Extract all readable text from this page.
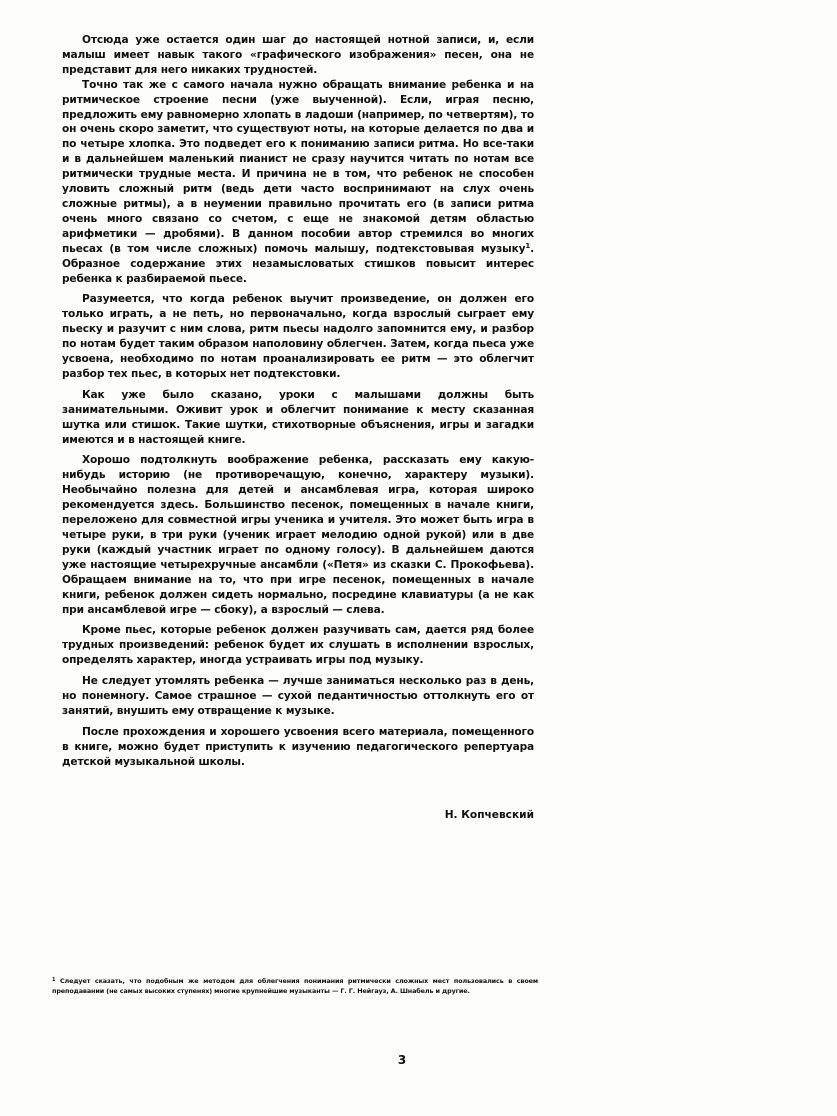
Отсюда уже остается один шаг до настоящей нотной записи, и, если малыш имеет навык такого «графического изображения» песен, она не представит для него никаких трудностей.

Точно так же с самого начала нужно обращать внимание ребенка и на ритмическое строение песни (уже выученной). Если, играя песню, предложить ему равномерно хлопать в ладоши (например, по четвертям), то он очень скоро заметит, что существуют ноты, на которые делается по два и по четыре хлопка. Это подведет его к пониманию записи ритма. Но все-таки и в дальнейшем маленький пианист не сразу научится читать по нотам все ритмически трудные места. И причина не в том, что ребенок не способен уловить сложный ритм (ведь дети часто воспринимают на слух очень сложные ритмы), а в неумении правильно прочитать его (в записи ритма очень много связано со счетом, с еще не знакомой детям областью арифметики — дробями). В данном пособии автор стремился во многих пьесах (в том числе сложных) помочь малышу, подтекстовывая музыку$^1$. Образное содержание этих незамысловатых стишков повысит интерес ребенка к разбираемой пьесе.

Разумеется, что когда ребенок выучит произведение, он должен его только играть, а не петь, но первоначально, когда взрослый сыграет ему пьеску и разучит с ним слова, ритм пьесы надолго запомнится ему, и разбор по нотам будет таким образом наполовину облегчен. Затем, когда пьеса уже усвоена, необходимо по нотам проанализировать ее ритм — это облегчит разбор тех пьес, в которых нет подтекстовки.

Как уже было сказано, уроки с малышами должны быть занимательными. Оживит урок и облегчит понимание к месту сказанная шутка или стишок. Такие шутки, стихотворные объяснения, игры и загадки имеются и в настоящей книге.

Хорошо подтолкнуть воображение ребенка, рассказать ему какую-нибудь историю (не противоречащую, конечно, характеру музыки). Необычайно полезна для детей и ансамблевая игра, которая широко рекомендуется здесь. Большинство песенок, помещенных в начале книги, переложено для совместной игры ученика и учителя. Это может быть игра в четыре руки, в три руки (ученик играет мелодию одной рукой) или в две руки (каждый участник играет по одному голосу). В дальнейшем даются уже настоящие четырехручные ансамбли («Петя» из сказки С. Прокофьева). Обращаем внимание на то, что при игре песенок, помещенных в начале книги, ребенок должен сидеть нормально, посредине клавиатуры (а не как при ансамблевой игре — сбоку), а взрослый — слева.

Кроме пьес, которые ребенок должен разучивать сам, дается ряд более трудных произведений: ребенок будет их слушать в исполнении взрослых, определять характер, иногда устраивать игры под музыку.

Не следует утомлять ребенка — лучше заниматься несколько раз в день, но понемногу. Самое страшное — сухой педантичностью оттолкнуть его от занятий, внушить ему отвращение к музыке.

После прохождения и хорошего усвоения всего материала, помещенного в книге, можно будет приступить к изучению педагогического репертуара детской музыкальной школы.

Н. Копчевский
$^1$ Следует сказать, что подобным же методом для облегчения понимания ритмически сложных мест пользовались в своем преподавании (не самых высоких ступенях) многие крупнейшие музыканты — Г. Г. Нейгауз, А. Шнабель и другие.
3
